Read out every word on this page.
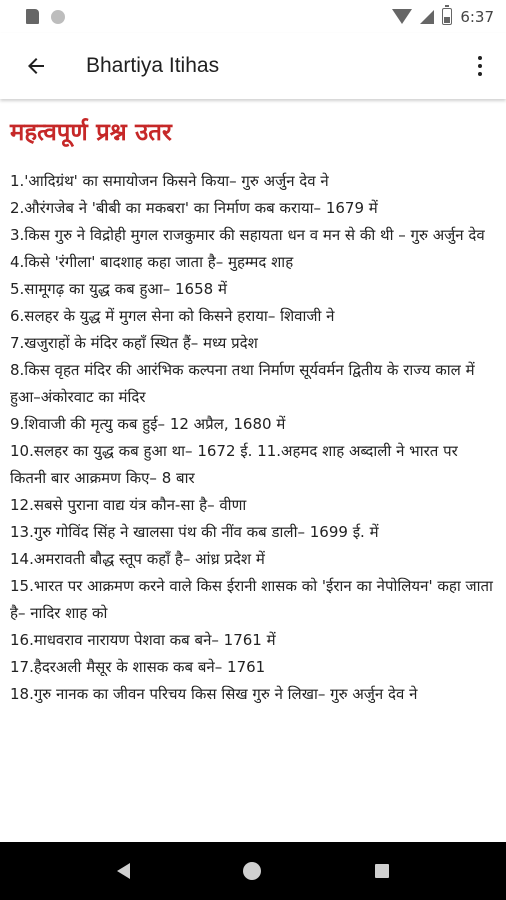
6:37
Bhartiya Itihas
महत्वपूर्ण प्रश्न उतर

1.'आदिग्रंथ' का समायोजन किसने किया– गुरु अर्जुन देव ने

2.औरंगजेब ने 'बीबी का मकबरा' का निर्माण कब कराया– 1679 में

3.किस गुरु ने विद्रोही मुगल राजकुमार की सहायता धन व मन से की थी – गुरु अर्जुन देव

4.किसे 'रंगीला' बादशाह कहा जाता है– मुहम्मद शाह

5.सामूगढ़ का युद्ध कब हुआ– 1658 में

6.सलहर के युद्ध में मुगल सेना को किसने हराया– शिवाजी ने

7.खजुराहों के मंदिर कहाँ स्थित हैं– मध्य प्रदेश

8.किस वृहत मंदिर की आरंभिक कल्पना तथा निर्माण सूर्यवर्मन द्वितीय के राज्य काल में हुआ–अंकोरवाट का मंदिर

9.शिवाजी की मृत्यु कब हुई– 12 अप्रैल, 1680 में

10.सलहर का युद्ध कब हुआ था– 1672 ई. 11.अहमद शाह अब्दाली ने भारत पर कितनी बार आक्रमण किए– 8 बार

12.सबसे पुराना वाद्य यंत्र कौन-सा है– वीणा

13.गुरु गोविंद सिंह ने खालसा पंथ की नींव कब डाली– 1699 ई. में

14.अमरावती बौद्ध स्तूप कहाँ है– आंध्र प्रदेश में

15.भारत पर आक्रमण करने वाले किस ईरानी शासक को 'ईरान का नेपोलियन' कहा जाता है– नादिर शाह को

16.माधवराव नारायण पेशवा कब बने– 1761 में

17.हैदरअली मैसूर के शासक कब बने– 1761

18.गुरु नानक का जीवन परिचय किस सिख गुरु ने लिखा– गुरु अर्जुन देव ने
